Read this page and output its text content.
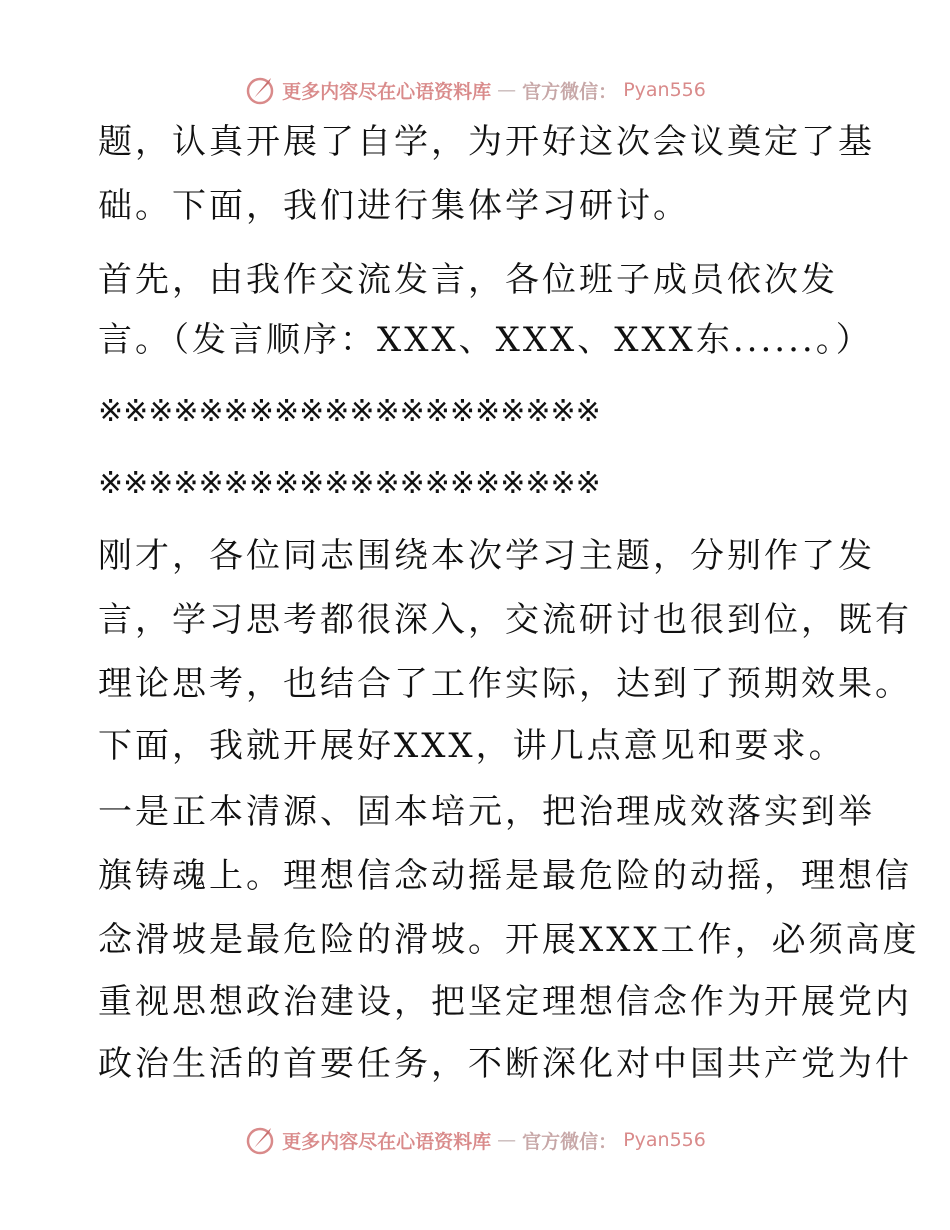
更多内容尽在心语资料库 — 官方微信： Pyan556
题，认真开展了自学，为开好这次会议奠定了基
础。下面，我们进行集体学习研讨。
首先，由我作交流发言，各位班子成员依次发
言。（发言顺序：XXX、XXX、XXX东......。）
※※※※※※※※※※※※※※※※※※※※
※※※※※※※※※※※※※※※※※※※※
刚才，各位同志围绕本次学习主题，分别作了发
言，学习思考都很深入，交流研讨也很到位，既有
理论思考，也结合了工作实际，达到了预期效果。
下面，我就开展好XXX，讲几点意见和要求。
一是正本清源、固本培元，把治理成效落实到举
旗铸魂上。理想信念动摇是最危险的动摇，理想信
念滑坡是最危险的滑坡。开展XXX工作，必须高度
重视思想政治建设，把坚定理想信念作为开展党内
政治生活的首要任务，不断深化对中国共产党为什
更多内容尽在心语资料库 — 官方微信： Pyan556
